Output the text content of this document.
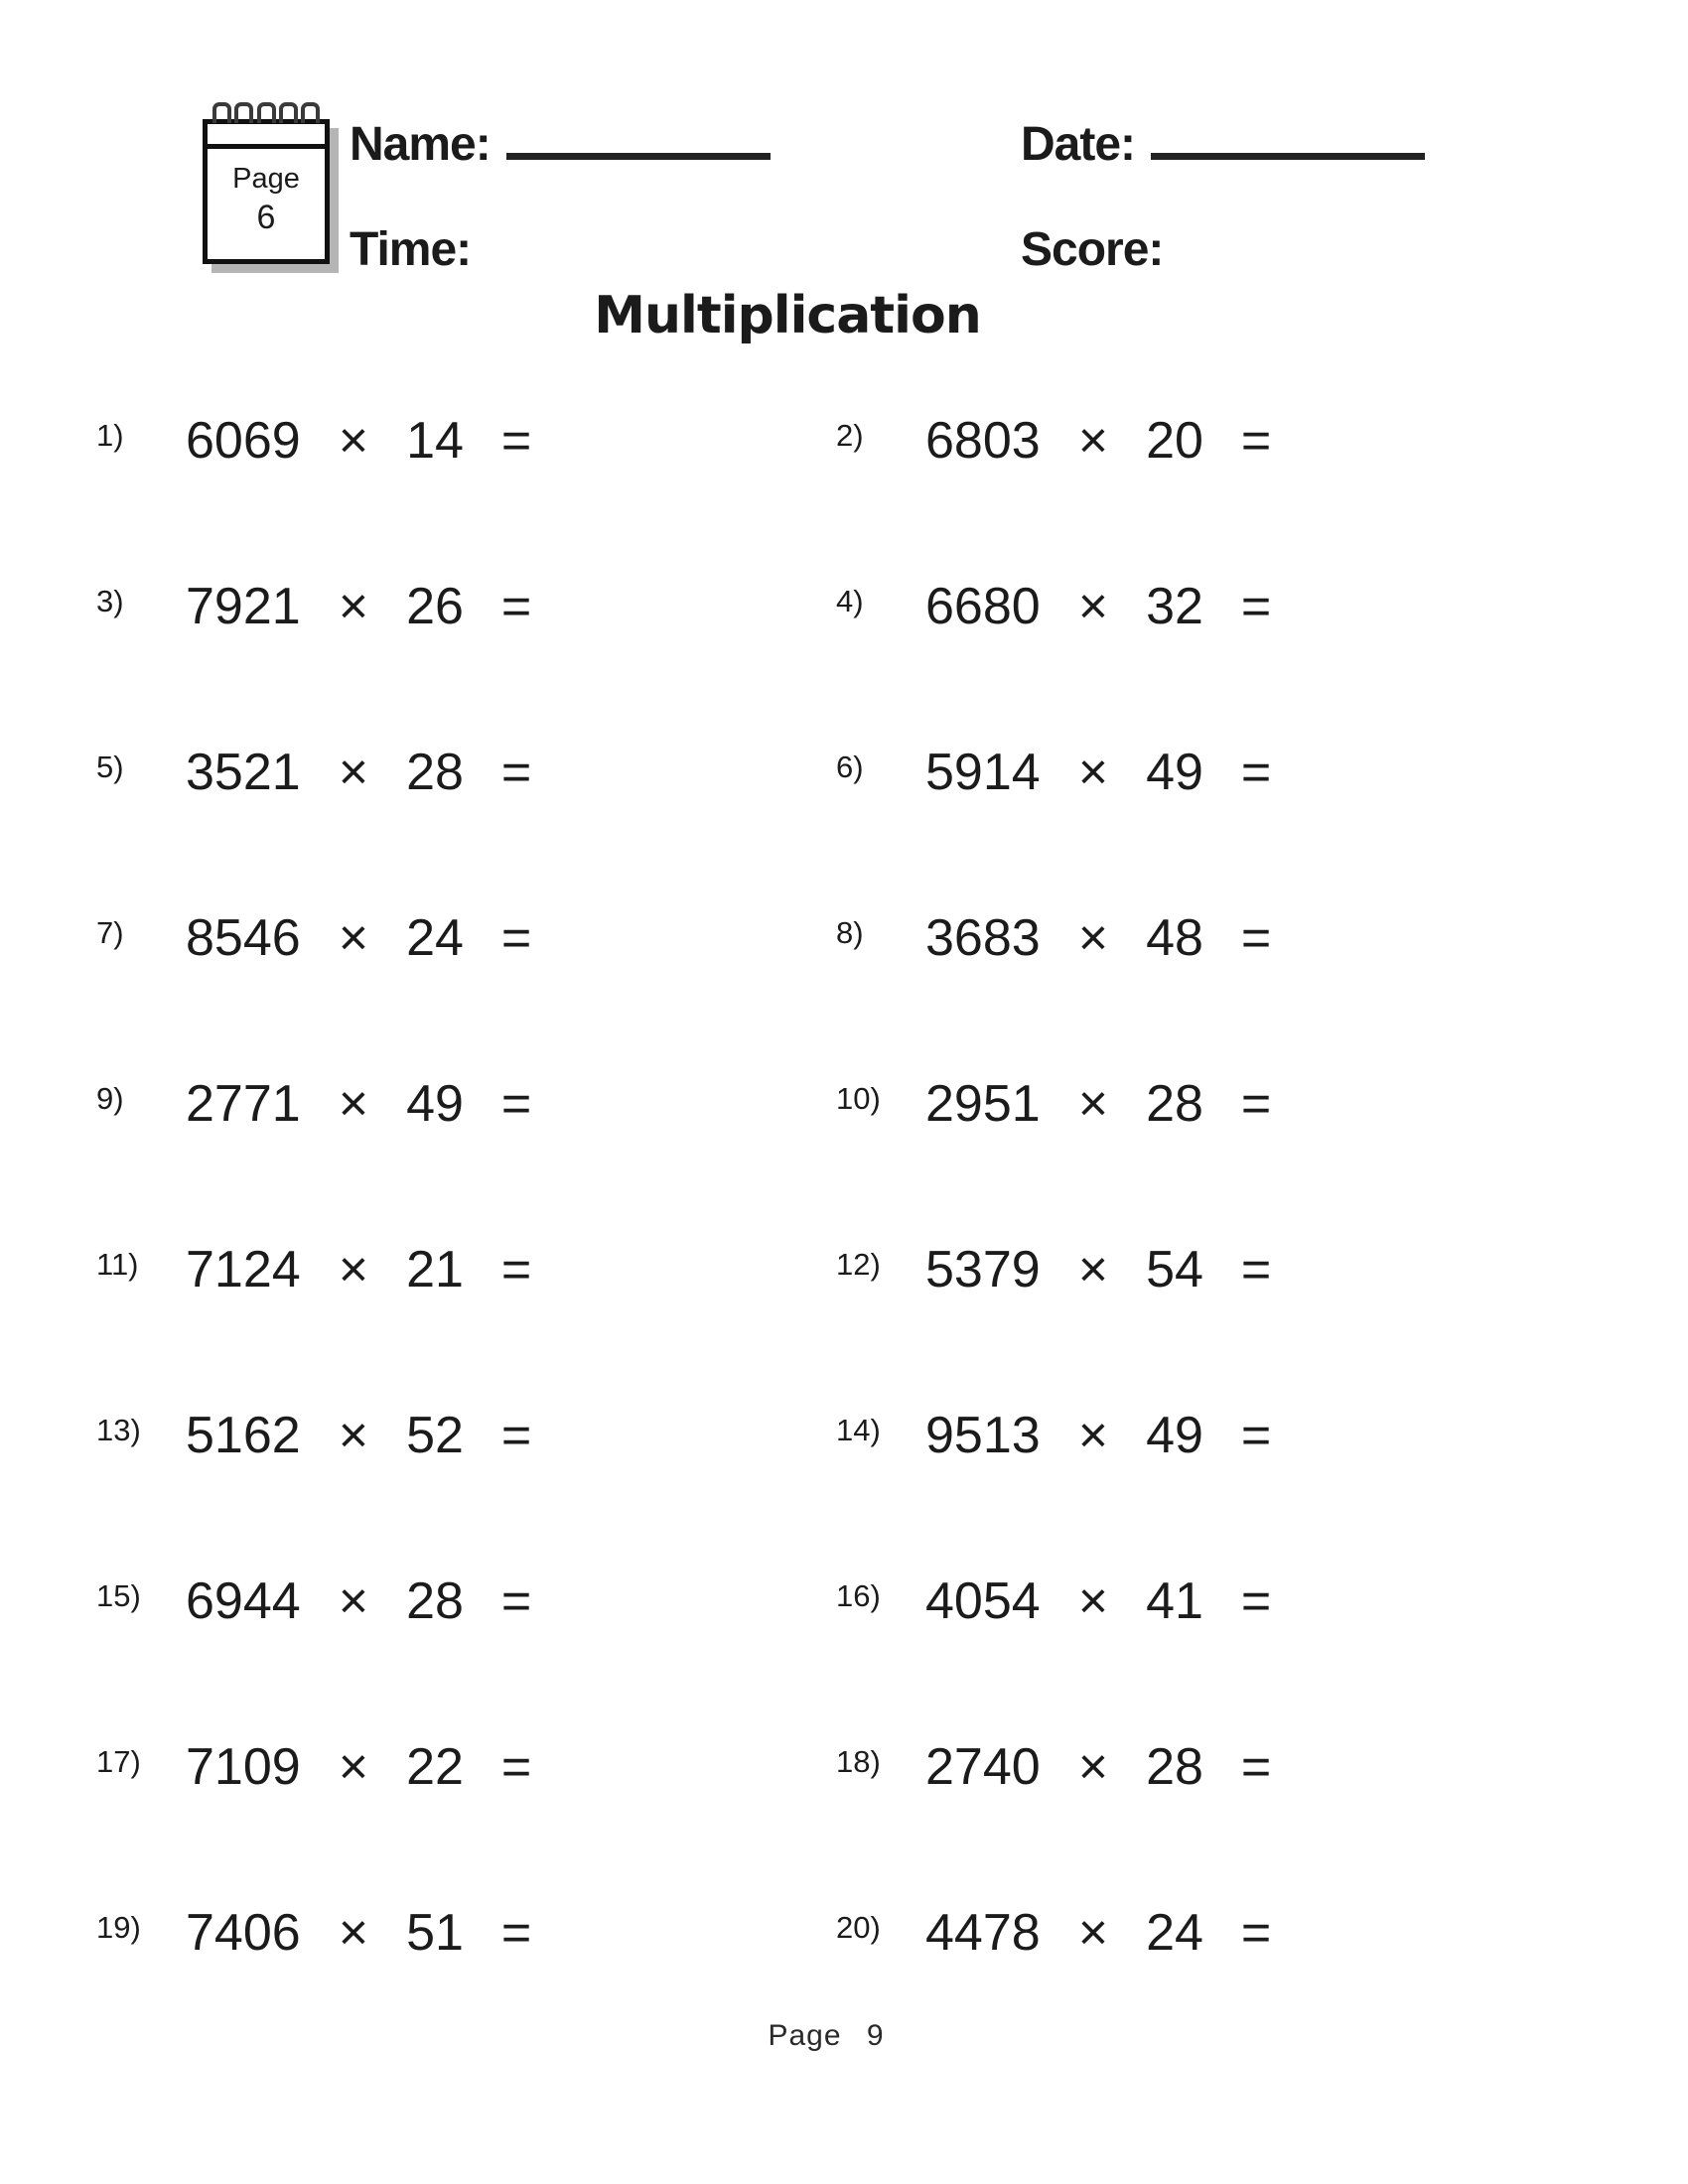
Page
6
Name:	Date:
Time:	Score:
Multiplication
1)	6069 × 14 =	2)	6803 × 20 =
3)	7921 × 26 =	4)	6680 × 32 =
5)	3521 × 28 =	6)	5914 × 49 =
7)	8546 × 24 =	8)	3683 × 48 =
9)	2771 × 49 =	10) 2951 × 28 =
11) 7124 × 21 =	12) 5379 × 54 =
13) 5162 × 52 =	14) 9513 × 49 =
15) 6944 × 28 =	16) 4054 × 41 =
17) 7109 × 22 =	18) 2740 × 28 =
19) 7406 × 51 =	20) 4478 × 24 =
Page 9
